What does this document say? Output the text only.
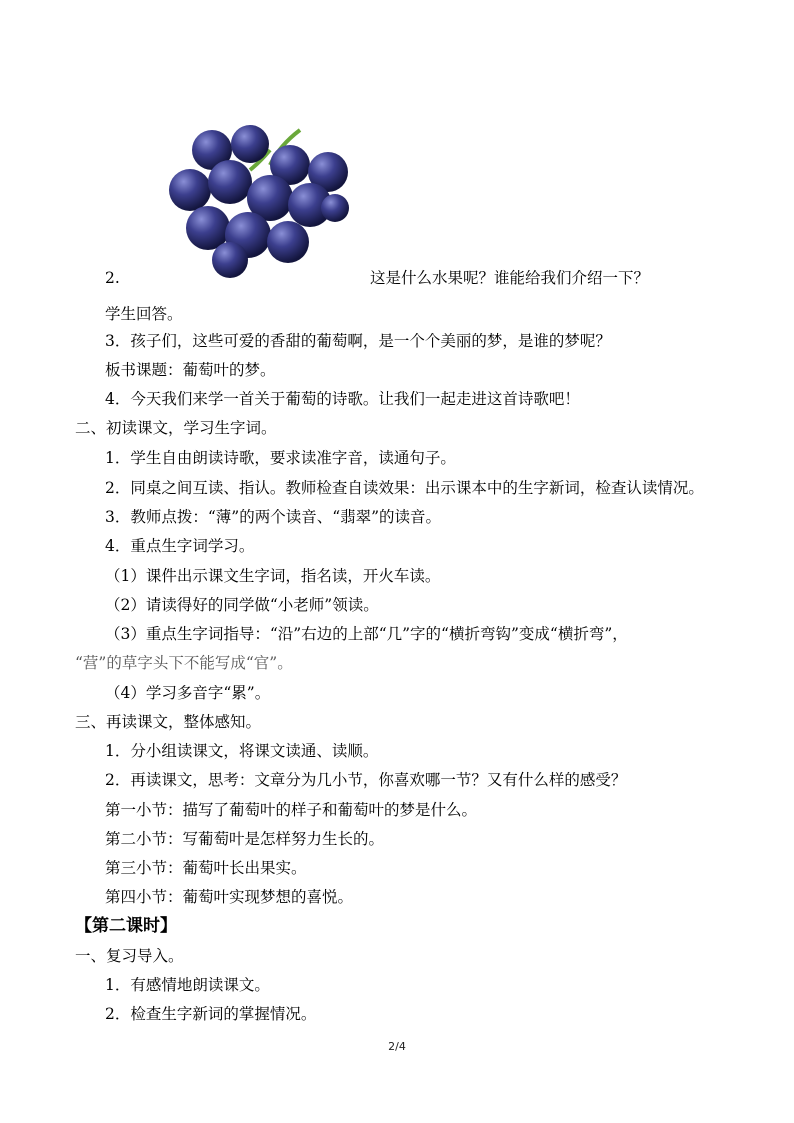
2.	这是什么水果呢？谁能给我们介绍一下？
学生回答。
3．孩子们，这些可爱的香甜的葡萄啊，是一个个美丽的梦，是谁的梦呢？
板书课题：葡萄叶的梦。
4．今天我们来学一首关于葡萄的诗歌。让我们一起走进这首诗歌吧！
二、初读课文，学习生字词。
1．学生自由朗读诗歌，要求读准字音，读通句子。
2．同桌之间互读、指认。教师检查自读效果：出示课本中的生字新词，检查认读情况。
3．教师点拨：“薄”的两个读音、“翡翠”的读音。
4．重点生字词学习。
（1）课件出示课文生字词，指名读，开火车读。
（2）请读得好的同学做“小老师”领读。
（3）重点生字词指导：“沿”右边的上部“几”字的“横折弯钩”变成“横折弯”，
“营”的草字头下不能写成“官”。
（4）学习多音字“累”。
三、再读课文，整体感知。
1．分小组读课文，将课文读通、读顺。
2．再读课文，思考：文章分为几小节，你喜欢哪一节？又有什么样的感受？
第一小节：描写了葡萄叶的样子和葡萄叶的梦是什么。
第二小节：写葡萄叶是怎样努力生长的。
第三小节：葡萄叶长出果实。
第四小节：葡萄叶实现梦想的喜悦。
【第二课时】
一、复习导入。
1．有感情地朗读课文。
2．检查生字新词的掌握情况。
2/4
